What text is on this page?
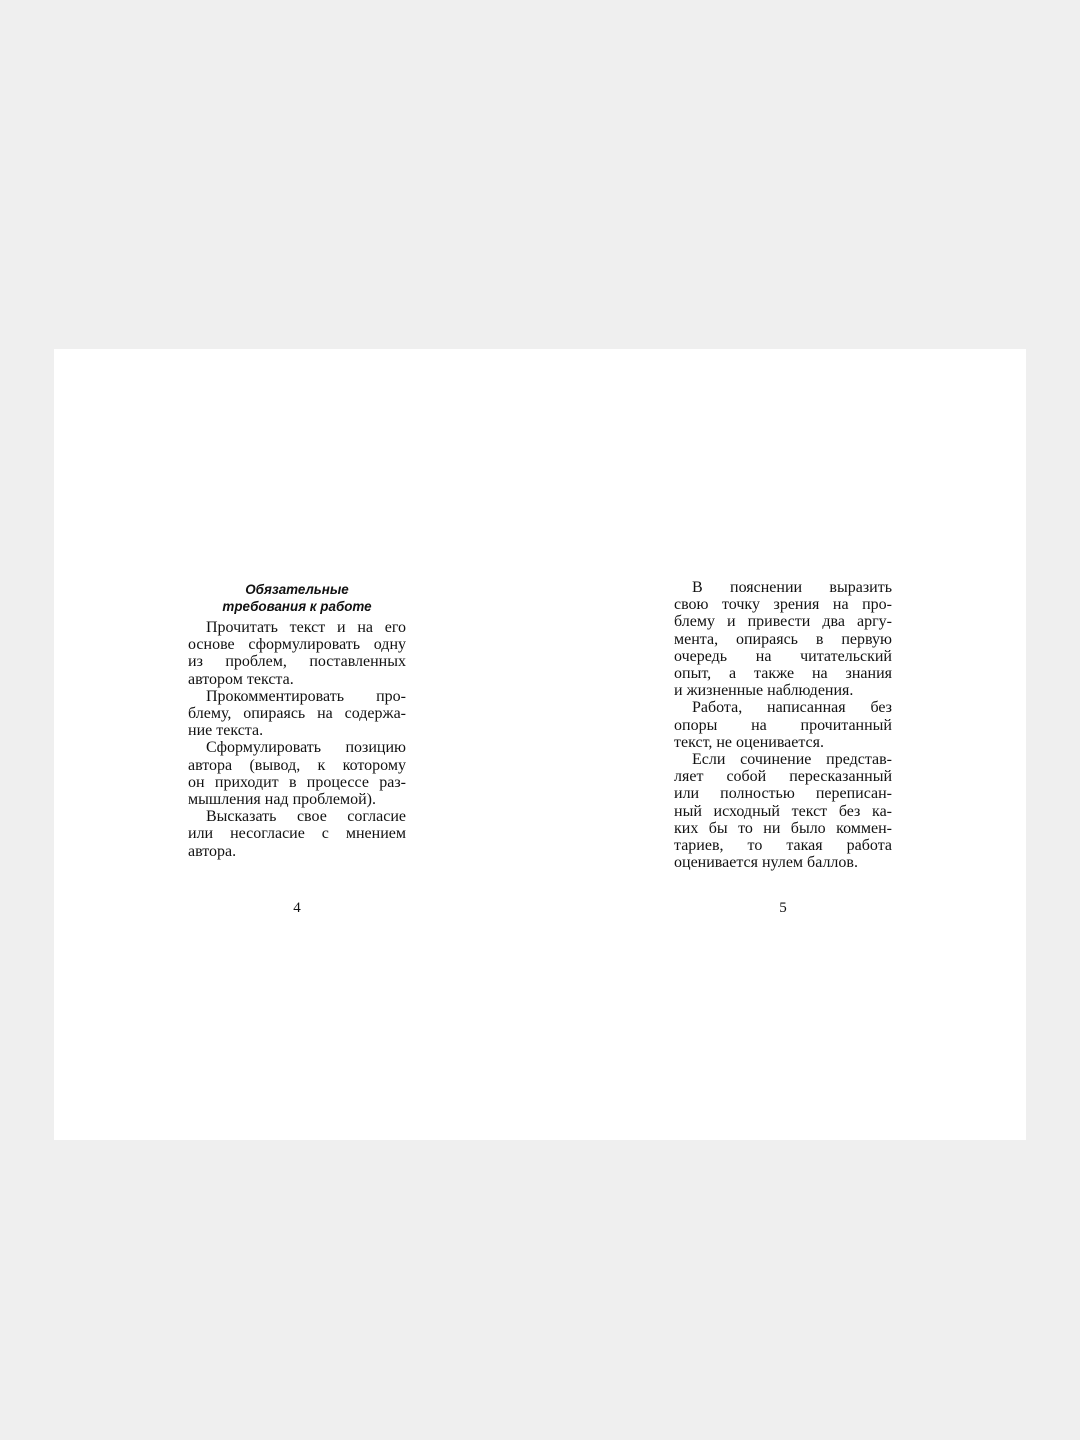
Обязательные
требования к работе

Прочитать текст и на его
основе сформулировать одну
из проблем, поставленных
автором текста.

Прокомментировать про-
блему, опираясь на содержа-
ние текста.

Сформулировать позицию
автора (вывод, к которому
он приходит в процессе раз-
мышления над проблемой).

Высказать свое согласие
или несогласие с мнением
автора.

В пояснении выразить
свою точку зрения на про-
блему и привести два аргу-
мента, опираясь в первую
очередь на читательский
опыт, а также на знания
и жизненные наблюдения.

Работа, написанная без
опоры на прочитанный
текст, не оценивается.

Если сочинение представ-
ляет собой пересказанный
или полностью переписан-
ный исходный текст без ка-
ких бы то ни было коммен-
тариев, то такая работа
оценивается нулем баллов.

4	5
